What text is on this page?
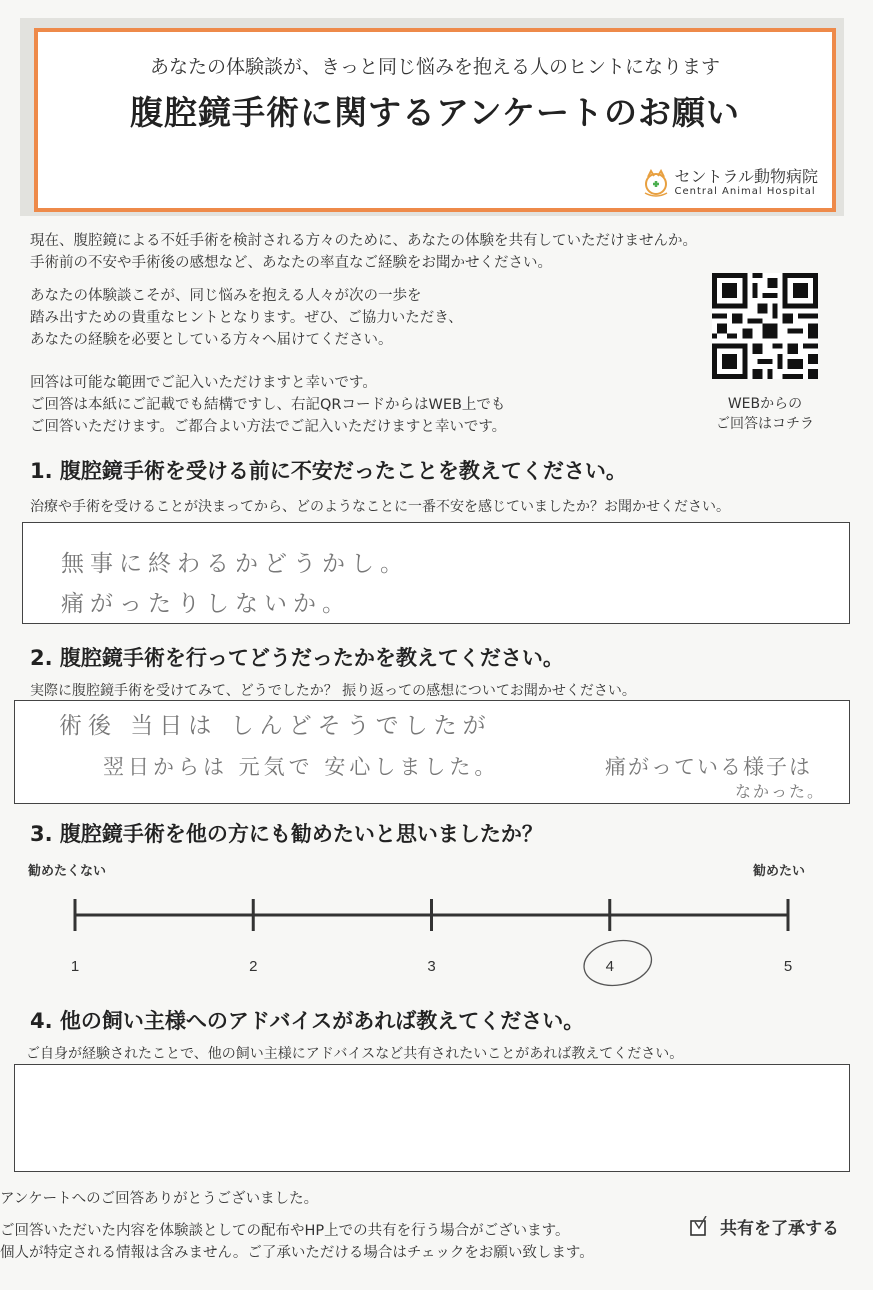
あなたの体験談が、きっと同じ悩みを抱える人のヒントになります
腹腔鏡手術に関するアンケートのお願い
セントラル動物病院
Central Animal Hospital
現在、腹腔鏡による不妊手術を検討される方々のために、あなたの体験を共有していただけませんか。
手術前の不安や手術後の感想など、あなたの率直なご経験をお聞かせください。
あなたの体験談こそが、同じ悩みを抱える人々が次の一歩を
踏み出すための貴重なヒントとなります。ぜひ、ご協力いただき、
あなたの経験を必要としている方々へ届けてください。
回答は可能な範囲でご記入いただけますと幸いです。
ご回答は本紙にご記載でも結構ですし、右記QRコードからはWEB上でも
ご回答いただけます。ご都合よい方法でご記入いただけますと幸いです。
WEBからの
ご回答はコチラ
1. 腹腔鏡手術を受ける前に不安だったことを教えてください。
治療や手術を受けることが決まってから、どのようなことに一番不安を感じていましたか？お聞かせください。
無事に終わるかどうかし。
痛がったりしないか。
2. 腹腔鏡手術を行ってどうだったかを教えてください。
実際に腹腔鏡手術を受けてみて、どうでしたか？ 振り返っての感想についてお聞かせください。
術後 当日は しんどそうでしたが
翌日からは 元気で 安心しました。	痛がっている様子は
なかった。
3. 腹腔鏡手術を他の方にも勧めたいと思いましたか？
勧めたくない	勧めたい
1	2	3	4	5
4. 他の飼い主様へのアドバイスがあれば教えてください。
ご自身が経験されたことで、他の飼い主様にアドバイスなど共有されたいことがあれば教えてください。
アンケートへのご回答ありがとうございました。
ご回答いただいた内容を体験談としての配布やHP上での共有を行う場合がございます。
個人が特定される情報は含みません。ご了承いただける場合はチェックをお願い致します。
共有を了承する
